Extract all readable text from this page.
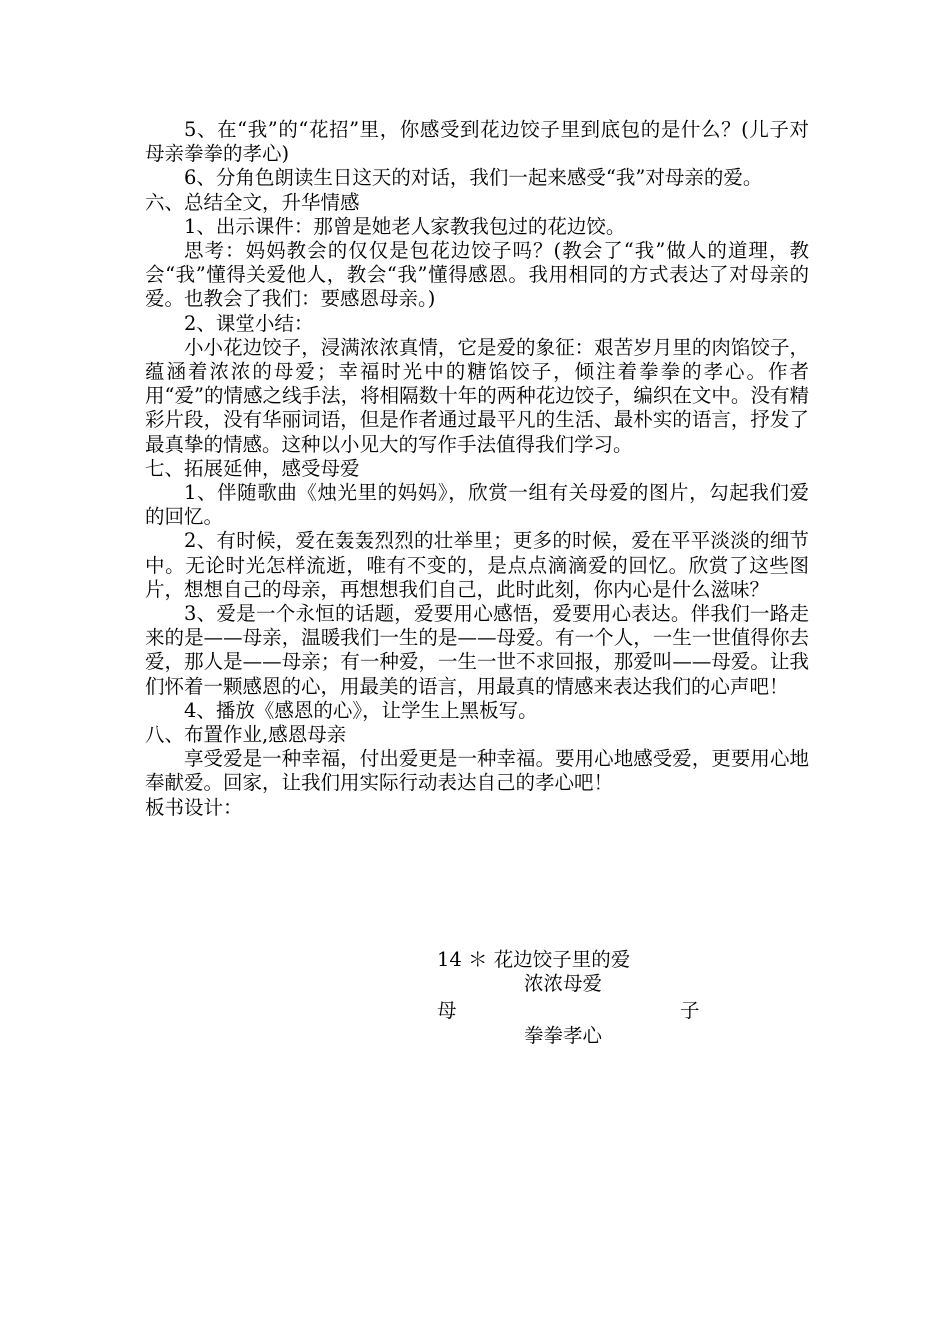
5、在“我”的“花招”里，你感受到花边饺子里到底包的是什么？(儿子对母亲拳拳的孝心)

6、分角色朗读生日这天的对话，我们一起来感受“我”对母亲的爱。

六、总结全文，升华情感

1、出示课件：那曾是她老人家教我包过的花边饺。

思考：妈妈教会的仅仅是包花边饺子吗？(教会了“我”做人的道理，教会“我”懂得关爱他人，教会“我”懂得感恩。我用相同的方式表达了对母亲的爱。也教会了我们：要感恩母亲。)

2、课堂小结：

小小花边饺子，浸满浓浓真情，它是爱的象征：艰苦岁月里的肉馅饺子，蕴涵着浓浓的母爱；幸福时光中的糖馅饺子，倾注着拳拳的孝心。作者用“爱”的情感之线手法，将相隔数十年的两种花边饺子，编织在文中。没有精彩片段，没有华丽词语，但是作者通过最平凡的生活、最朴实的语言，抒发了最真挚的情感。这种以小见大的写作手法值得我们学习。

七、拓展延伸，感受母爱

1、伴随歌曲《烛光里的妈妈》，欣赏一组有关母爱的图片，勾起我们爱的回忆。

2、有时候，爱在轰轰烈烈的壮举里；更多的时候，爱在平平淡淡的细节中。无论时光怎样流逝，唯有不变的，是点点滴滴爱的回忆。欣赏了这些图片，想想自己的母亲，再想想我们自己，此时此刻，你内心是什么滋味？

3、爱是一个永恒的话题，爱要用心感悟，爱要用心表达。伴我们一路走来的是——母亲，温暖我们一生的是——母爱。有一个人，一生一世值得你去爱，那人是——母亲；有一种爱，一生一世不求回报，那爱叫——母爱。让我们怀着一颗感恩的心，用最美的语言，用最真的情感来表达我们的心声吧！

4、播放《感恩的心》，让学生上黑板写。

八、布置作业,感恩母亲

享受爱是一种幸福，付出爱更是一种幸福。要用心地感受爱，更要用心地奉献爱。回家，让我们用实际行动表达自己的孝心吧！

板书设计：

14 ＊ 花边饺子里的爱
浓浓母爱
母	子
拳拳孝心
